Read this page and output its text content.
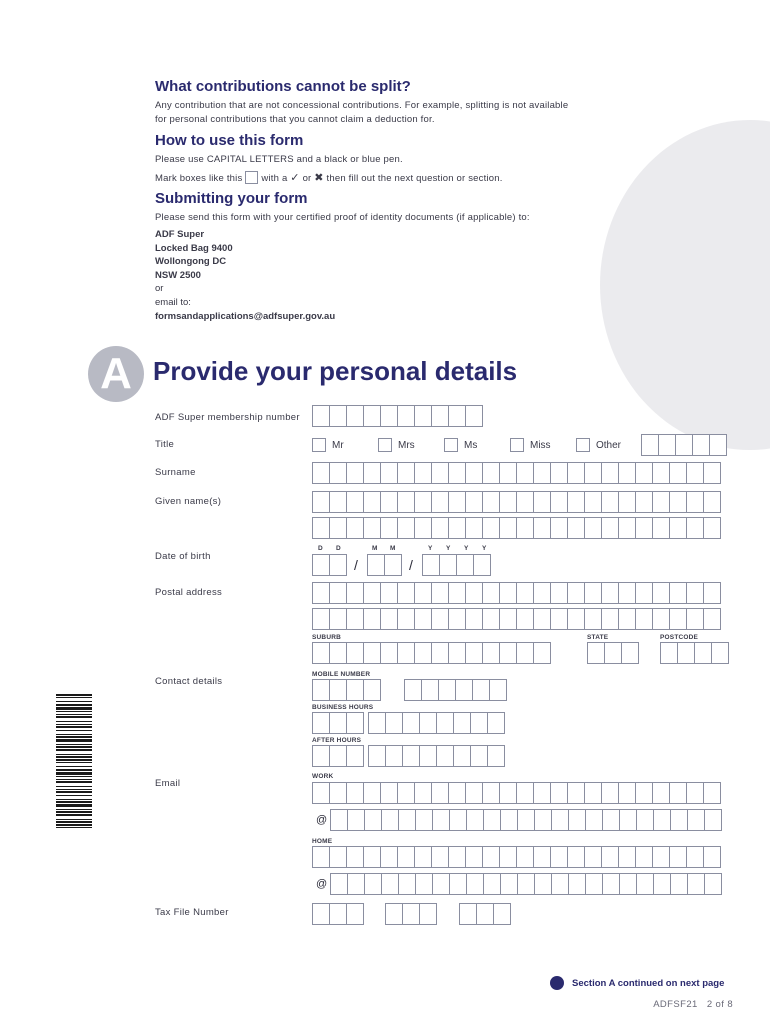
What contributions cannot be split?
Any contribution that are not concessional contributions. For example, splitting is not available
for personal contributions that you cannot claim a deduction for.
How to use this form
Please use CAPITAL LETTERS and a black or blue pen.
Mark boxes like this with a ✓ or ✖ then fill out the next question or section.
Submitting your form
Please send this form with your certified proof of identity documents (if applicable) to:
ADF Super
Locked Bag 9400
Wollongong DC
NSW 2500
or
email to:
formsandapplications@adfsuper.gov.au
A Provide your personal details
ADF Super membership number
Title	Mr	Mrs	Ms	Miss	Other
Surname
Given name(s)
D D	M M	Y Y Y Y
Date of birth
/	/
Postal address
SUBURB	STATE	POSTCODE
Contact details
MOBILE NUMBER
BUSINESS HOURS
AFTER HOURS
Email
WORK
@
HOME
@
Tax File Number
Section A continued on next page
ADFSF21 2 of 8
